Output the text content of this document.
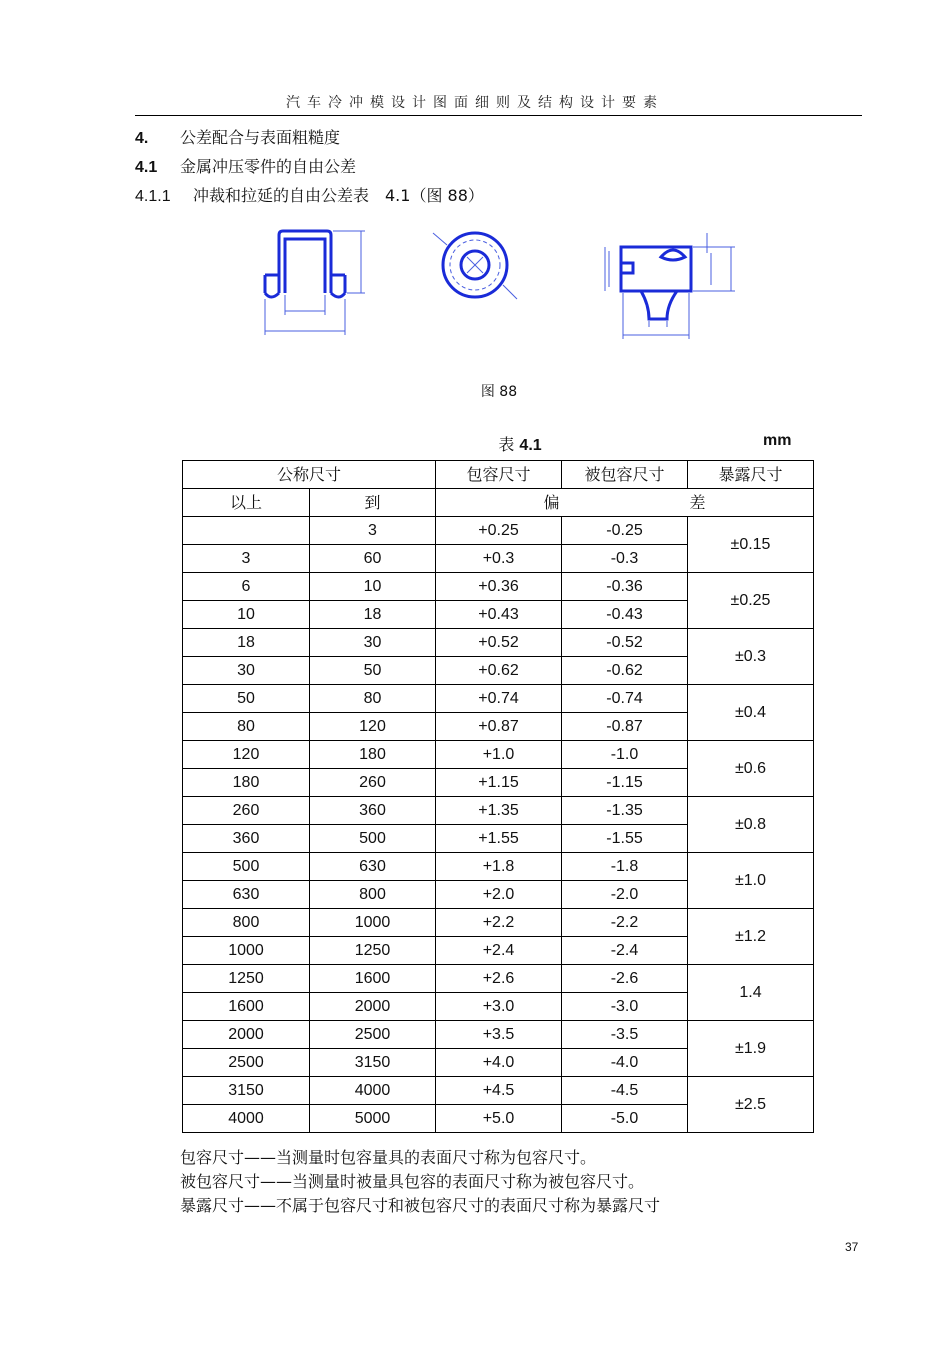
汽车冷冲模设计图面细则及结构设计要素
4. 公差配合与表面粗糙度
4.1 金属冲压零件的自由公差
4.1.1 冲裁和拉延的自由公差表　4.1（图 88）
图 88
表 4.1	mm
公称尺寸		包容尺寸	被包容尺寸	暴露尺寸
以上	到	偏 差		
	3	+0.25	-0.25	±0.15
3	60	+0.3	-0.3	
6	10	+0.36	-0.36	±0.25
10	18	+0.43	-0.43	
18	30	+0.52	-0.52	±0.3
30	50	+0.62	-0.62	
50	80	+0.74	-0.74	±0.4
80	120	+0.87	-0.87	
120	180	+1.0	-1.0	±0.6
180	260	+1.15	-1.15	
260	360	+1.35	-1.35	±0.8
360	500	+1.55	-1.55	
500	630	+1.8	-1.8	±1.0
630	800	+2.0	-2.0	
800	1000	+2.2	-2.2	±1.2
1000	1250	+2.4	-2.4	
1250	1600	+2.6	-2.6	1.4
1600	2000	+3.0	-3.0	
2000	2500	+3.5	-3.5	±1.9
2500	3150	+4.0	-4.0	
3150	4000	+4.5	-4.5	±2.5
4000	5000	+5.0	-5.0	
包容尺寸——当测量时包容量具的表面尺寸称为包容尺寸。
被包容尺寸——当测量时被量具包容的表面尺寸称为被包容尺寸。
暴露尺寸——不属于包容尺寸和被包容尺寸的表面尺寸称为暴露尺寸
37
